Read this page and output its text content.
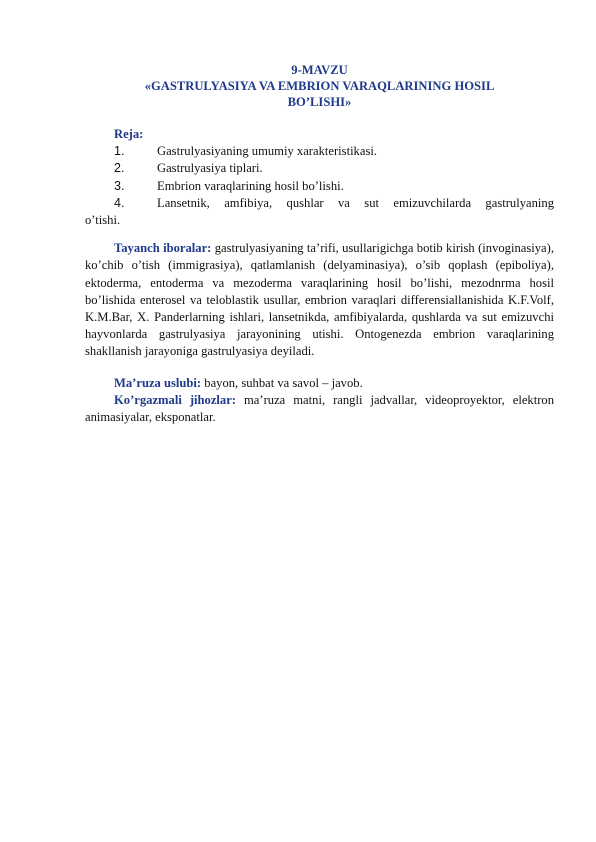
9-MAVZU
«GASTRULYASIYA VA EMBRION VARAQLARINING HOSIL
BO’LISHI»
Reja:
1.	Gastrulyasiyaning umumiy xarakteristikasi.
2.	Gastrulyasiya tiplari.
3.	Embrion varaqlarining hosil bo’lishi.
4.	Lansetnik, amfibiya, qushlar va sut emizuvchilarda gastrulyaning
o’tishi.

Tayanch iboralar: gastrulyasiyaning ta’rifi, usullarigichga botib kirish (invoginasiya), ko’chib o’tish (immigrasiya), qatlamlanish (delyaminasiya), o’sib qoplash (epiboliya), ektoderma, entoderma va mezoderma varaqlarining hosil bo’lishi, mezodnrma hosil bo’lishida enterosel va teloblastik usullar, embrion varaqlari differensiallanishida K.F.Volf, K.M.Bar, X. Panderlarning ishlari, lansetnikda, amfibiyalarda, qushlarda va sut emizuvchi hayvonlarda gastrulyasiya jarayonining utishi. Ontogenezda embrion varaqlarining shakllanish jarayoniga gastrulyasiya deyiladi.

Ma’ruza uslubi: bayon, suhbat va savol – javob.

Ko’rgazmali jihozlar: ma’ruza matni, rangli jadvallar, videoproyektor, elektron animasiyalar, eksponatlar.
